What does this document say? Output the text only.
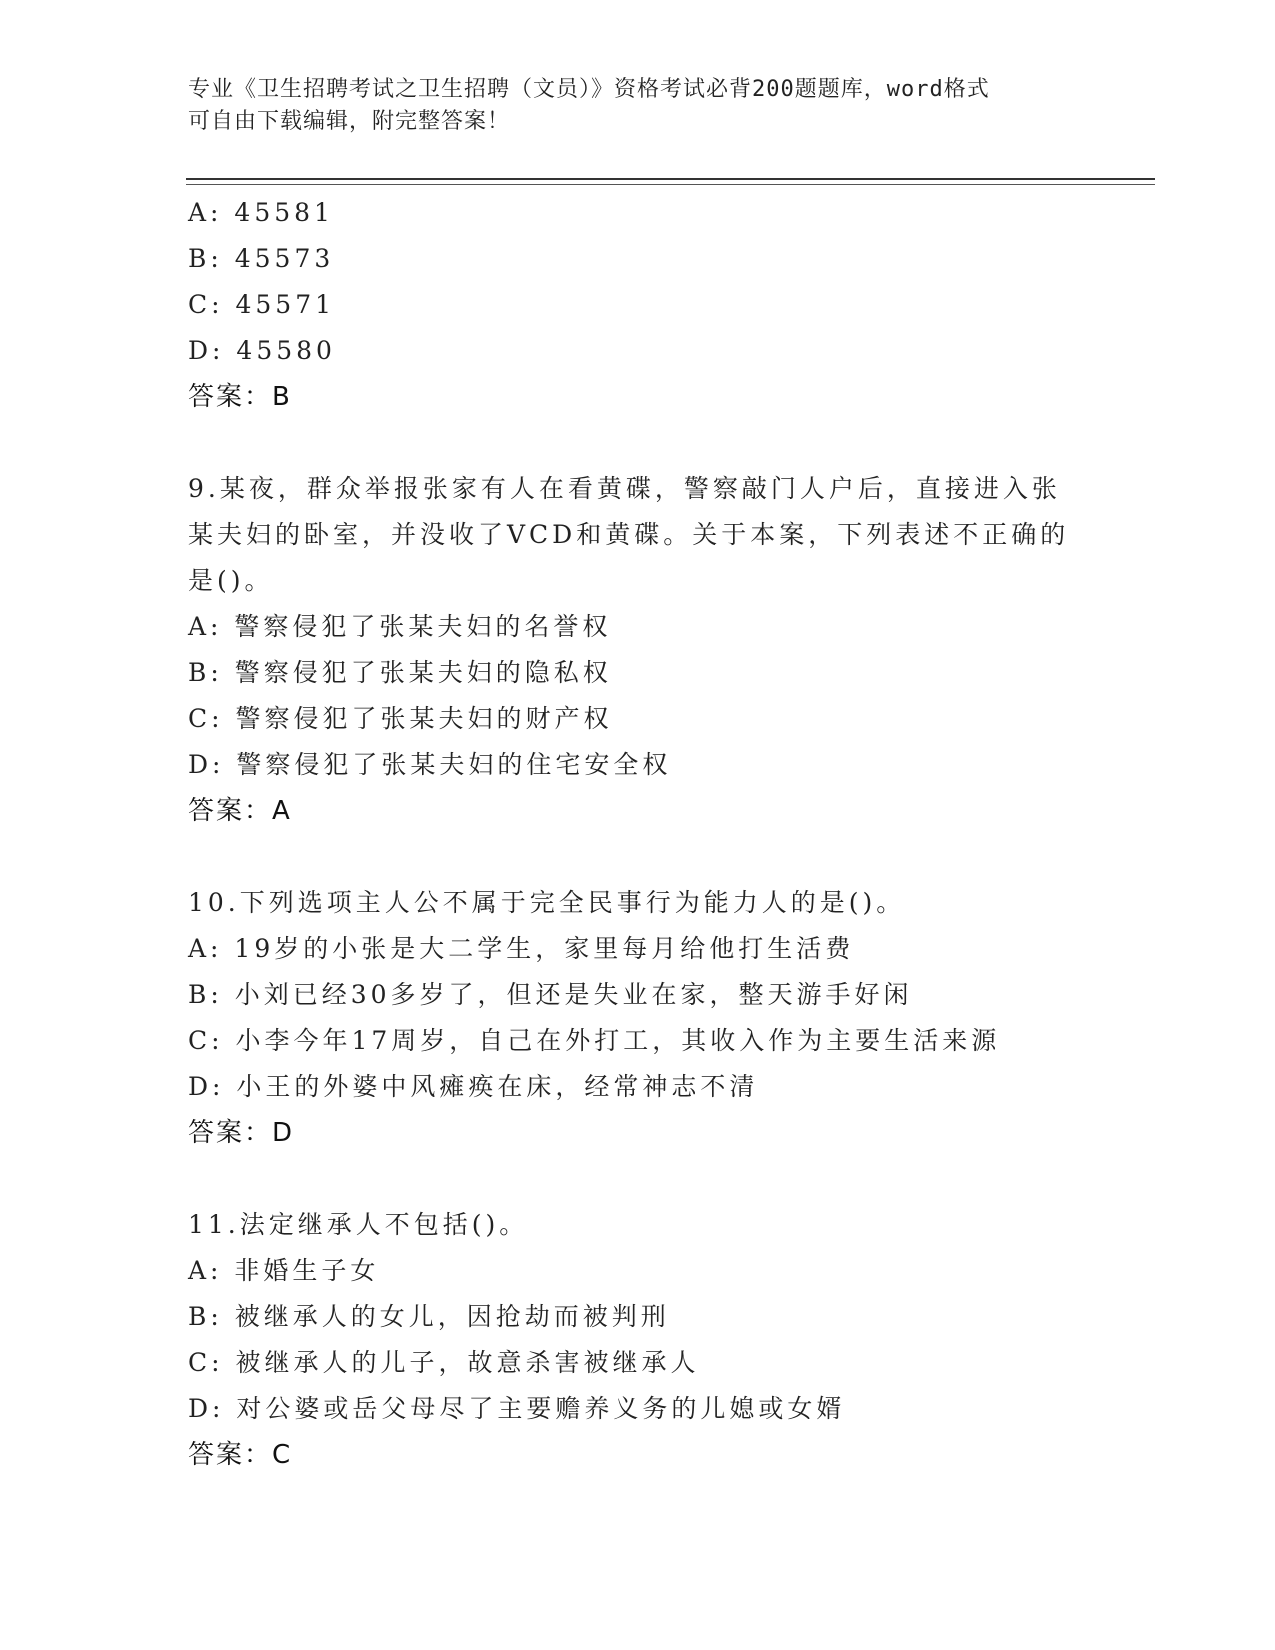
专业《卫生招聘考试之卫生招聘（文员）》资格考试必背200题题库，word格式
可自由下载编辑，附完整答案！
A: 45581
B: 45573
C: 45571
D: 45580
答案：B
9.某夜，群众举报张家有人在看黄碟，警察敲门人户后，直接进入张
某夫妇的卧室，并没收了VCD和黄碟。关于本案，下列表述不正确的
是()。
A: 警察侵犯了张某夫妇的名誉权
B: 警察侵犯了张某夫妇的隐私权
C: 警察侵犯了张某夫妇的财产权
D: 警察侵犯了张某夫妇的住宅安全权
答案：A
10.下列选项主人公不属于完全民事行为能力人的是()。
A: 19岁的小张是大二学生，家里每月给他打生活费
B: 小刘已经30多岁了，但还是失业在家，整天游手好闲
C: 小李今年17周岁，自己在外打工，其收入作为主要生活来源
D: 小王的外婆中风瘫痪在床，经常神志不清
答案：D
11.法定继承人不包括()。
A: 非婚生子女
B: 被继承人的女儿，因抢劫而被判刑
C: 被继承人的儿子，故意杀害被继承人
D: 对公婆或岳父母尽了主要赡养义务的儿媳或女婿
答案：C
